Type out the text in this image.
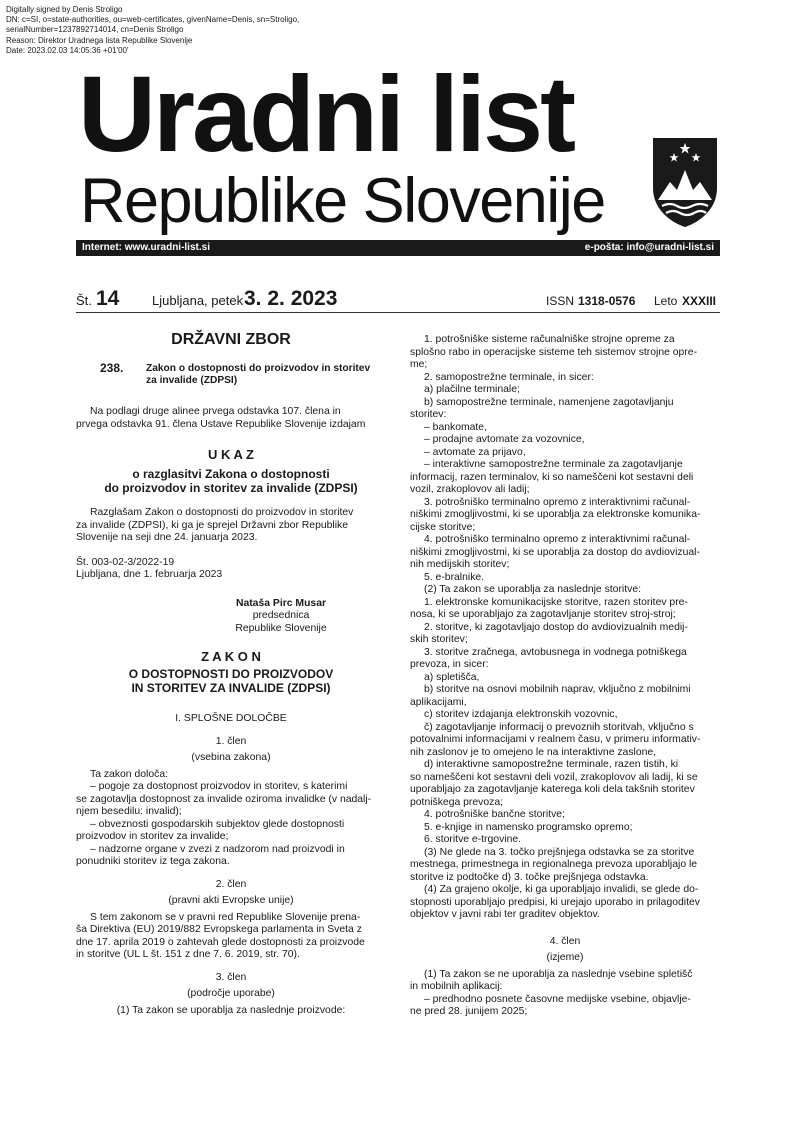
Digitally signed by Denis Stroligo
DN: c=SI, o=state-authorities, ou=web-certificates, givenName=Denis, sn=Stroligo,
serialNumber=1237892714014, cn=Denis Stroligo
Reason: Direktor Uradnega lista Republike Slovenije
Date: 2023.02.03 14:05:36 +01'00'
Uradni list
Republike Slovenije
Internet: www.uradni-list.si	e-pošta: info@uradni-list.si
Št. 14	Ljubljana, petek 3. 2. 2023	ISSN 1318-0576 Leto XXXIII

DRŽAVNI ZBOR

238. Zakon o dostopnosti do proizvodov in storitev
za invalide (ZDPSI)

Na podlagi druge alinee prvega odstavka 107. člena in

prvega odstavka 91. člena Ustave Republike Slovenije izdajam

U K A Z

o razglasitvi Zakona o dostopnosti

do proizvodov in storitev za invalide (ZDPSI)

Razglašam Zakon o dostopnosti do proizvodov in storitev

za invalide (ZDPSI), ki ga je sprejel Državni zbor Republike

Slovenije na seji dne 24. januarja 2023.

Št. 003-02-3/2022-19

Ljubljana, dne 1. februarja 2023

Nataša Pirc Musar
predsednica
Republike Slovenije

Z A K O N

O DOSTOPNOSTI DO PROIZVODOV

IN STORITEV ZA INVALIDE (ZDPSI)

I. SPLOŠNE DOLOČBE

1. člen

(vsebina zakona)

Ta zakon določa:

– pogoje za dostopnost proizvodov in storitev, s katerimi

se zagotavlja dostopnost za invalide oziroma invalidke (v nadalj-

njem besedilu: invalid);

– obveznosti gospodarskih subjektov glede dostopnosti

proizvodov in storitev za invalide;

– nadzorne organe v zvezi z nadzorom nad proizvodi in

ponudniki storitev iz tega zakona.

2. člen

(pravni akti Evropske unije)

S tem zakonom se v pravni red Republike Slovenije prena-

ša Direktiva (EU) 2019/882 Evropskega parlamenta in Sveta z

dne 17. aprila 2019 o zahtevah glede dostopnosti za proizvode

in storitve (UL L št. 151 z dne 7. 6. 2019, str. 70).

3. člen

(področje uporabe)

(1) Ta zakon se uporablja za naslednje proizvode:

1. potrošniške sisteme računalniške strojne opreme za

splošno rabo in operacijske sisteme teh sistemov strojne opre-

me;

2. samopostrežne terminale, in sicer:

a) plačilne terminale;

b) samopostrežne terminale, namenjene zagotavljanju

storitev:

– bankomate,

– prodajne avtomate za vozovnice,

– avtomate za prijavo,

– interaktivne samopostrežne terminale za zagotavljanje

informacij, razen terminalov, ki so nameščeni kot sestavni deli

vozil, zrakoplovov ali ladij;

3. potrošniško terminalno opremo z interaktivnimi računal-

niškimi zmogljivostmi, ki se uporablja za elektronske komunika-

cijske storitve;

4. potrošniško terminalno opremo z interaktivnimi računal-

niškimi zmogljivostmi, ki se uporablja za dostop do avdiovizual-

nih medijskih storitev;

5. e-bralnike.

(2) Ta zakon se uporablja za naslednje storitve:

1. elektronske komunikacijske storitve, razen storitev pre-

nosa, ki se uporabljajo za zagotavljanje storitev stroj-stroj;

2. storitve, ki zagotavljajo dostop do avdiovizualnih medij-

skih storitev;

3. storitve zračnega, avtobusnega in vodnega potniškega

prevoza, in sicer:

a) spletišča,

b) storitve na osnovi mobilnih naprav, vključno z mobilnimi

aplikacijami,

c) storitev izdajanja elektronskih vozovnic,

č) zagotavljanje informacij o prevoznih storitvah, vključno s

potovalnimi informacijami v realnem času, v primeru informativ-

nih zaslonov je to omejeno le na interaktivne zaslone,

d) interaktivne samopostrežne terminale, razen tistih, ki

so nameščeni kot sestavni deli vozil, zrakoplovov ali ladij, ki se

uporabljajo za zagotavljanje katerega koli dela takšnih storitev

potniškega prevoza;

4. potrošniške bančne storitve;

5. e-knjige in namensko programsko opremo;

6. storitve e-trgovine.

(3) Ne glede na 3. točko prejšnjega odstavka se za storitve

mestnega, primestnega in regionalnega prevoza uporabljajo le

storitve iz podtočke d) 3. točke prejšnjega odstavka.

(4) Za grajeno okolje, ki ga uporabljajo invalidi, se glede do-

stopnosti uporabljajo predpisi, ki urejajo uporabo in prilagoditev

objektov v javni rabi ter graditev objektov.

4. člen

(izjeme)

(1) Ta zakon se ne uporablja za naslednje vsebine spletišč

in mobilnih aplikacij:

– predhodno posnete časovne medijske vsebine, objavlje-

ne pred 28. junijem 2025;
